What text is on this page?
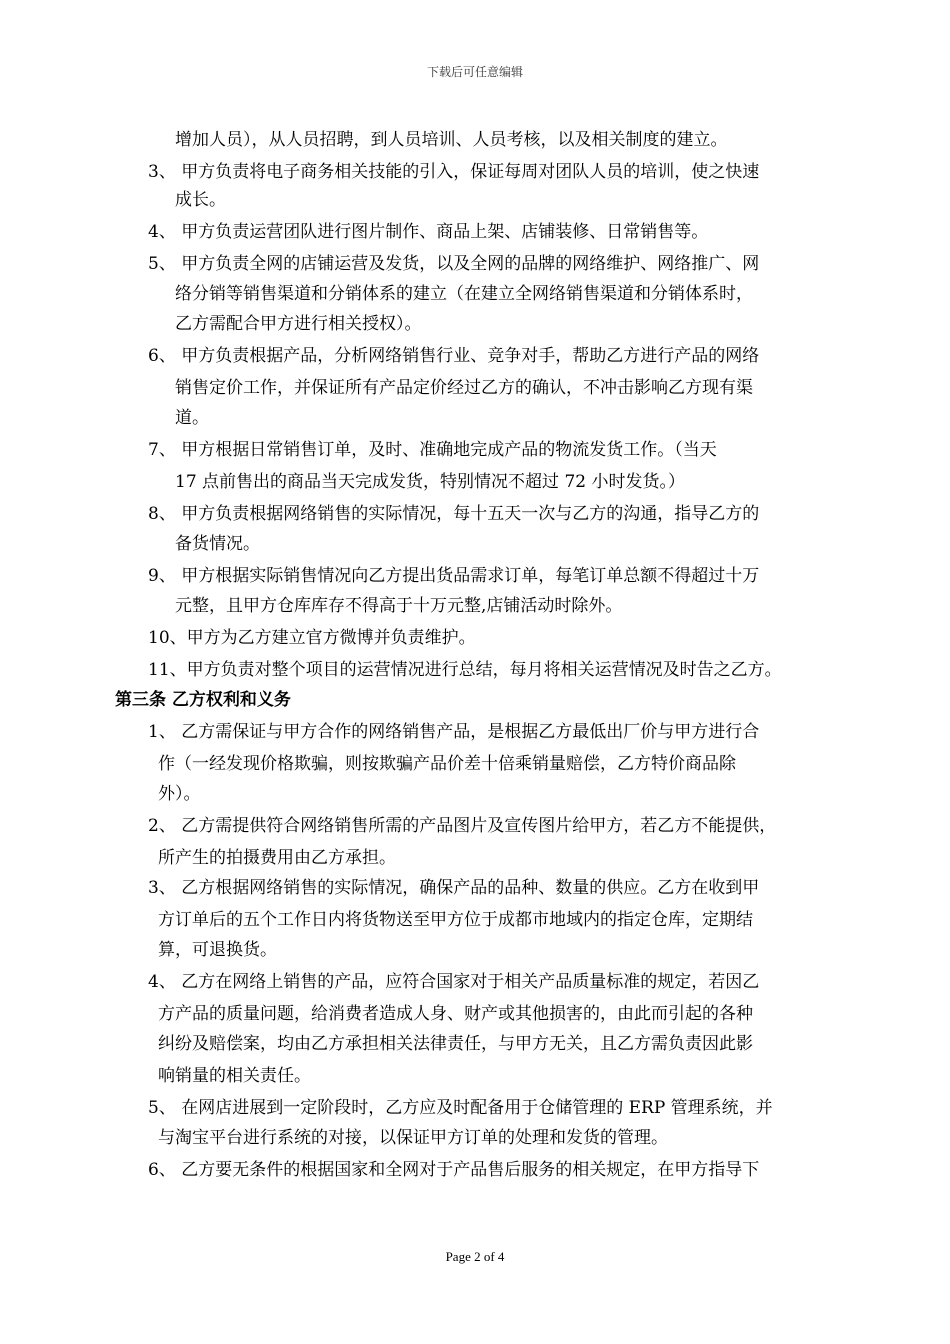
下载后可任意编辑
增加人员），从人员招聘，到人员培训、人员考核，以及相关制度的建立。
3、 甲方负责将电子商务相关技能的引入，保证每周对团队人员的培训，使之快速
成长。
4、 甲方负责运营团队进行图片制作、商品上架、店铺装修、日常销售等。
5、 甲方负责全网的店铺运营及发货，以及全网的品牌的网络维护、网络推广、网
络分销等销售渠道和分销体系的建立（在建立全网络销售渠道和分销体系时，
乙方需配合甲方进行相关授权）。
6、 甲方负责根据产品，分析网络销售行业、竞争对手，帮助乙方进行产品的网络
销售定价工作，并保证所有产品定价经过乙方的确认，不冲击影响乙方现有渠
道。
7、 甲方根据日常销售订单，及时、准确地完成产品的物流发货工作。（当天
17 点前售出的商品当天完成发货，特别情况不超过 72 小时发货。）
8、 甲方负责根据网络销售的实际情况，每十五天一次与乙方的沟通，指导乙方的
备货情况。
9、 甲方根据实际销售情况向乙方提出货品需求订单，每笔订单总额不得超过十万
元整，且甲方仓库库存不得高于十万元整,店铺活动时除外。
10、甲方为乙方建立官方微博并负责维护。
11、甲方负责对整个项目的运营情况进行总结，每月将相关运营情况及时告之乙方。
第三条 乙方权利和义务
1、 乙方需保证与甲方合作的网络销售产品，是根据乙方最低出厂价与甲方进行合
作（一经发现价格欺骗，则按欺骗产品价差十倍乘销量赔偿，乙方特价商品除
外）。
2、 乙方需提供符合网络销售所需的产品图片及宣传图片给甲方，若乙方不能提供，
所产生的拍摄费用由乙方承担。
3、 乙方根据网络销售的实际情况，确保产品的品种、数量的供应。乙方在收到甲
方订单后的五个工作日内将货物送至甲方位于成都市地域内的指定仓库，定期结
算，可退换货。
4、 乙方在网络上销售的产品，应符合国家对于相关产品质量标准的规定，若因乙
方产品的质量问题，给消费者造成人身、财产或其他损害的，由此而引起的各种
纠纷及赔偿案，均由乙方承担相关法律责任，与甲方无关，且乙方需负责因此影
响销量的相关责任。
5、 在网店进展到一定阶段时，乙方应及时配备用于仓储管理的 ERP 管理系统，并
与淘宝平台进行系统的对接，以保证甲方订单的处理和发货的管理。
6、 乙方要无条件的根据国家和全网对于产品售后服务的相关规定，在甲方指导下
Page 2 of 4
